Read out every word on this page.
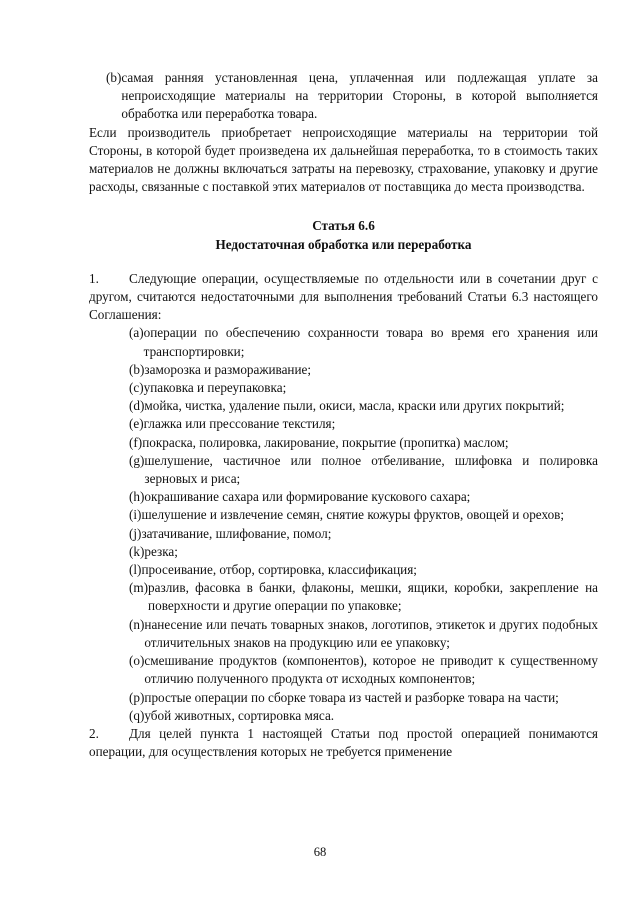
(b) самая ранняя установленная цена, уплаченная или подлежащая уплате за непроисходящие материалы на территории Стороны, в которой выполняется обработка или переработка товара.
Если производитель приобретает непроисходящие материалы на территории той Стороны, в которой будет произведена их дальнейшая переработка, то в стоимость таких материалов не должны включаться затраты на перевозку, страхование, упаковку и другие расходы, связанные с поставкой этих материалов от поставщика до места производства.
Статья 6.6
Недостаточная обработка или переработка
1. Следующие операции, осуществляемые по отдельности или в сочетании друг с другом, считаются недостаточными для выполнения требований Статьи 6.3 настоящего Соглашения:
(a) операции по обеспечению сохранности товара во время его хранения или транспортировки;
(b) заморозка и размораживание;
(c) упаковка и переупаковка;
(d) мойка, чистка, удаление пыли, окиси, масла, краски или других покрытий;
(e) глажка или прессование текстиля;
(f) покраска, полировка, лакирование, покрытие (пропитка) маслом;
(g) шелушение, частичное или полное отбеливание, шлифовка и полировка зерновых и риса;
(h) окрашивание сахара или формирование кускового сахара;
(i) шелушение и извлечение семян, снятие кожуры фруктов, овощей и орехов;
(j) затачивание, шлифование, помол;
(k) резка;
(l) просеивание, отбор, сортировка, классификация;
(m) разлив, фасовка в банки, флаконы, мешки, ящики, коробки, закрепление на поверхности и другие операции по упаковке;
(n) нанесение или печать товарных знаков, логотипов, этикеток и других подобных отличительных знаков на продукцию или ее упаковку;
(o) смешивание продуктов (компонентов), которое не приводит к существенному отличию полученного продукта от исходных компонентов;
(p) простые операции по сборке товара из частей и разборке товара на части;
(q) убой животных, сортировка мяса.
2. Для целей пункта 1 настоящей Статьи под простой операцией понимаются операции, для осуществления которых не требуется применение
68
